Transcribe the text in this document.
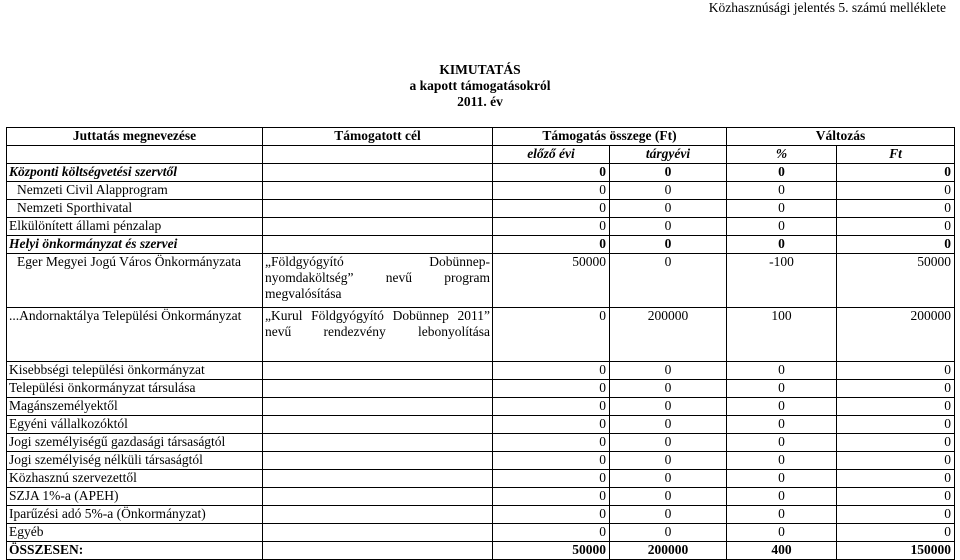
Közhasznúsági jelentés 5. számú melléklete
KIMUTATÁS
a kapott támogatásokról
2011. év
Juttatás megnevezése	Támogatott cél	Támogatás összege (Ft)		Változás	
		előző évi	tárgyévi	%	Ft
Központi költségvetési szervtől		0	0	0	0
Nemzeti Civil Alapprogram		0	0	0	0
Nemzeti Sporthivatal		0	0	0	0
Elkülönített állami pénzalap		0	0	0	0
Helyi önkormányzat és szervei		0	0	0	0
Eger Megyei Jogú Város Önkormányzata	„Földgyógyító Dobünnep-nyomdaköltség” nevű program megvalósítása	50000	0	-100	50000
...Andornaktálya Települési Önkormányzat	„Kurul Földgyógyító Dobünnep 2011” nevű rendezvény lebonyolítása	0	200000	100	200000
Kisebbségi települési önkormányzat		0	0	0	0
Települési önkormányzat társulása		0	0	0	0
Magánszemélyektől		0	0	0	0
Egyéni vállalkozóktól		0	0	0	0
Jogi személyiségű gazdasági társaságtól		0	0	0	0
Jogi személyiség nélküli társaságtól		0	0	0	0
Közhasznú szervezettől		0	0	0	0
SZJA 1%-a (APEH)		0	0	0	0
Iparűzési adó 5%-a (Önkormányzat)		0	0	0	0
Egyéb		0	0	0	0
ÖSSZESEN:		50000	200000	400	150000
